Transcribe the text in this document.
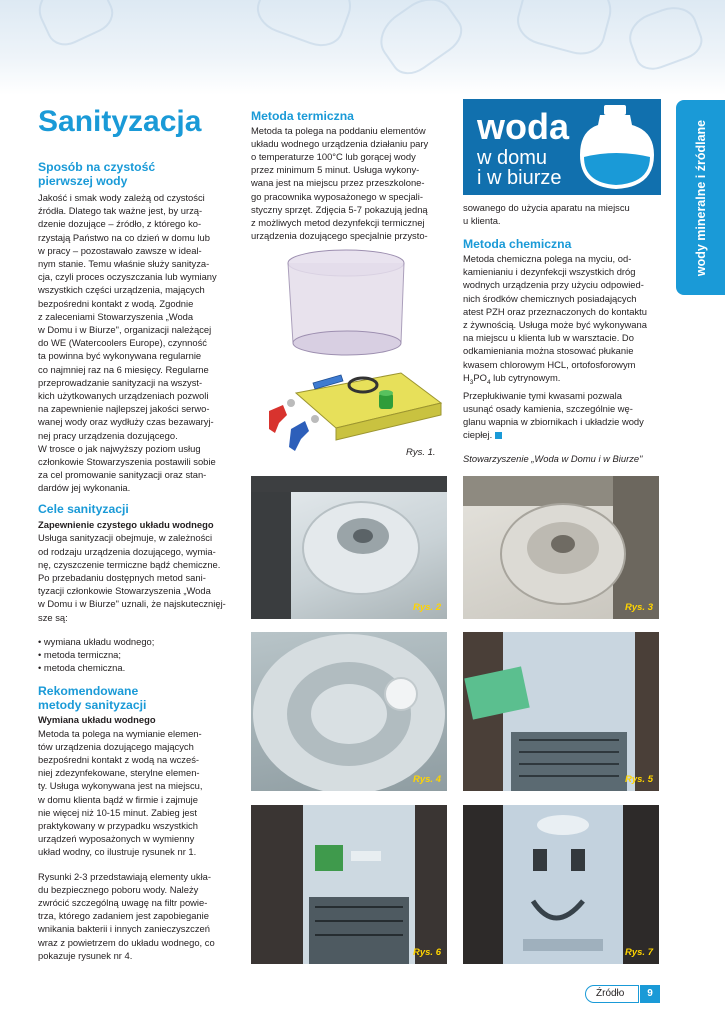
wody mineralne i źródlane
Sanityzacja
Sposób na czystość
pierwszej wody

Jakość i smak wody zależą od czystości

źródła. Dlatego tak ważne jest, by urzą-

dzenie dozujące – źródło, z którego ko-

rzystają Państwo na co dzień w domu lub

w pracy – pozostawało zawsze w ideal-

nym stanie. Temu właśnie służy sanityza-

cja, czyli proces oczyszczania lub wymiany

wszystkich części urządzenia, mających

bezpośredni kontakt z wodą. Zgodnie

z zaleceniami Stowarzyszenia „Woda

w Domu i w Biurze", organizacji należącej

do WE (Watercoolers Europe), czynność

ta powinna być wykonywana regularnie

co najmniej raz na 6 miesięcy. Regularne

przeprowadzanie sanityzacji na wszyst-

kich użytkowanych urządzeniach pozwoli

na zapewnienie najlepszej jakości serwo-

wanej wody oraz wydłuży czas bezawaryj-

nej pracy urządzenia dozującego.

W trosce o jak najwyższy poziom usług

członkowie Stowarzyszenia postawili sobie

za cel promowanie sanityzacji oraz stan-

dardów jej wykonania.

Cele sanityzacji
Zapewnienie czystego układu wodnego

Usługa sanityzacji obejmuje, w zależności

od rodzaju urządzenia dozującego, wymia-

nę, czyszczenie termiczne bądź chemiczne.

Po przebadaniu dostępnych metod sani-

tyzacji członkowie Stowarzyszenia „Woda

w Domu i w Biurze" uznali, że najskutecznięj-

sze są:

• wymiana układu wodnego;
• metoda termiczna;
• metoda chemiczna.
Rekomendowane
metody sanityzacji
Wymiana układu wodnego

Metoda ta polega na wymianie elemen-

tów urządzenia dozującego mających

bezpośredni kontakt z wodą na wcześ-

niej zdezynfekowane, sterylne elemen-

ty. Usługa wykonywana jest na miejscu,

w domu klienta bądź w firmie i zajmuje

nie więcej niż 10-15 minut. Zabieg jest

praktykowany w przypadku wszystkich

urządzeń wyposażonych w wymienny

układ wodny, co ilustruje rysunek nr 1.

Rysunki 2-3 przedstawiają elementy ukła-

du bezpiecznego poboru wody. Należy

zwrócić szczególną uwagę na filtr powie-

trza, którego zadaniem jest zapobieganie

wnikania bakterii i innych zanieczyszczeń

wraz z powietrzem do układu wodnego, co

pokazuje rysunek nr 4.

Metoda termiczna

Metoda ta polega na poddaniu elementów

układu wodnego urządzenia działaniu pary

o temperaturze 100°C lub gorącej wody

przez minimum 5 minut. Usługa wykony-

wana jest na miejscu przez przeszkolone-

go pracownika wyposażonego w specjali-

styczny sprzęt. Zdjęcia 5-7 pokazują jedną

z możliwych metod dezynfekcji termicznej

urządzenia dozującego specjalnie przysto-

Rys. 1.
woda
w domu
i w biurze

sowanego do użycia aparatu na miejscu

u klienta.

Metoda chemiczna

Metoda chemiczna polega na myciu, od-

kamienianiu i dezynfekcji wszystkich dróg

wodnych urządzenia przy użyciu odpowied-

nich środków chemicznych posiadających

atest PZH oraz przeznaczonych do kontaktu

z żywnością. Usługa może być wykonywana

na miejscu u klienta lub w warsztacie. Do

odkamieniania można stosować płukanie

kwasem chlorowym HCL, ortofosforowym

$H_3PO_4$ lub cytrynowym.

Przepłukiwanie tymi kwasami pozwala

usunąć osady kamienia, szczególnie wę-

glanu wapnia w zbiornikach i układzie wody

ciepłej.

Stowarzyszenie „Woda w Domu i w Biurze"

Rys. 2	Rys. 3
Rys. 4	Rys. 5
Rys. 6	Rys. 7
Źródło	9
